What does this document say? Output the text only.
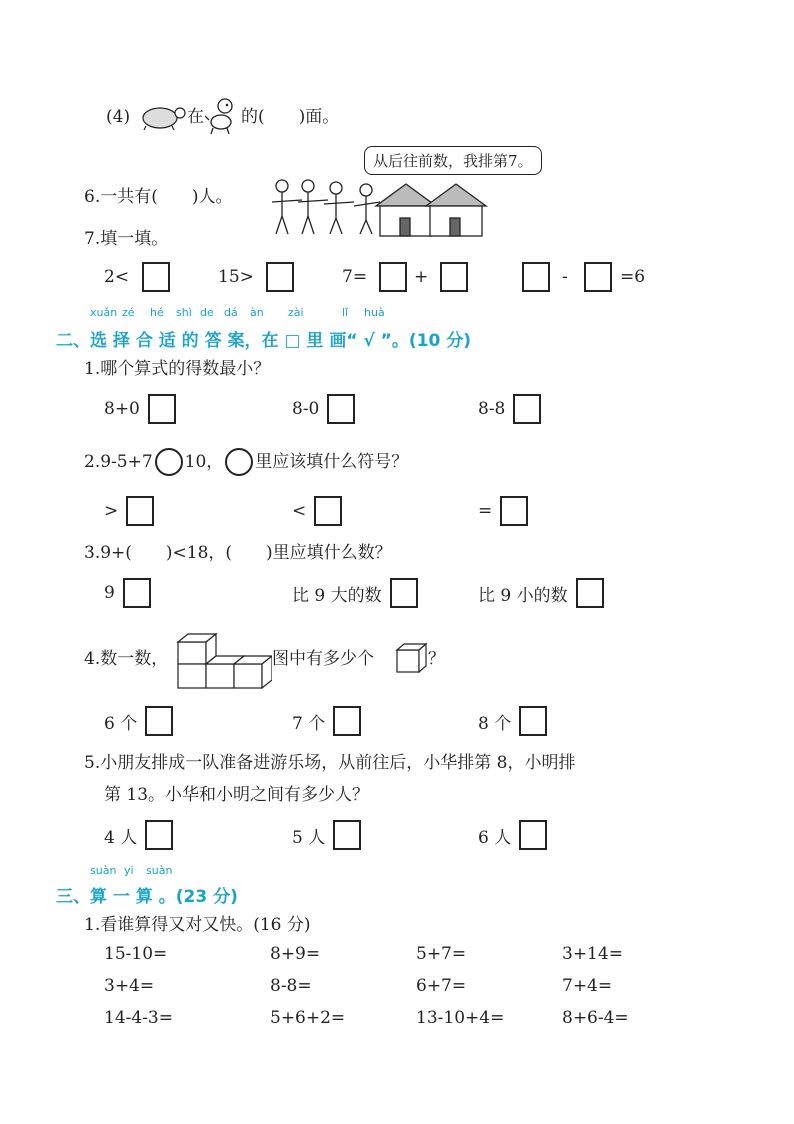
(4)	在 的(　　)面。
从后往前数，我排第7。
6.一共有(　　)人。
7.填一填。
2<	15>	7=	+	-	=6
xuǎn zé hé shì de dá àn zài	lǐ huà
二、选 择 合 适 的 答 案，在 □ 里 画“ √ ”。(10 分)
1.哪个算式的得数最小？
8+0	8-0	8-8
2.9-5+7 10， 里应该填什么符号？
>	<	=
3.9+(　　)<18，(　　)里应填什么数？
9	比 9 大的数	比 9 小的数
4.数一数，	图中有多少个	？
6 个	7 个	8 个
5.小朋友排成一队准备进游乐场，从前往后，小华排第 8，小明排
第 13。小华和小明之间有多少人？
4 人	5 人	6 人
suàn yi suàn
三、算 一 算 。(23 分)
1.看谁算得又对又快。(16 分)
15-10=	8+9=	5+7=	3+14=
3+4=	8-8=	6+7=	7+4=
14-4-3=	5+6+2=	13-10+4=	8+6-4=
